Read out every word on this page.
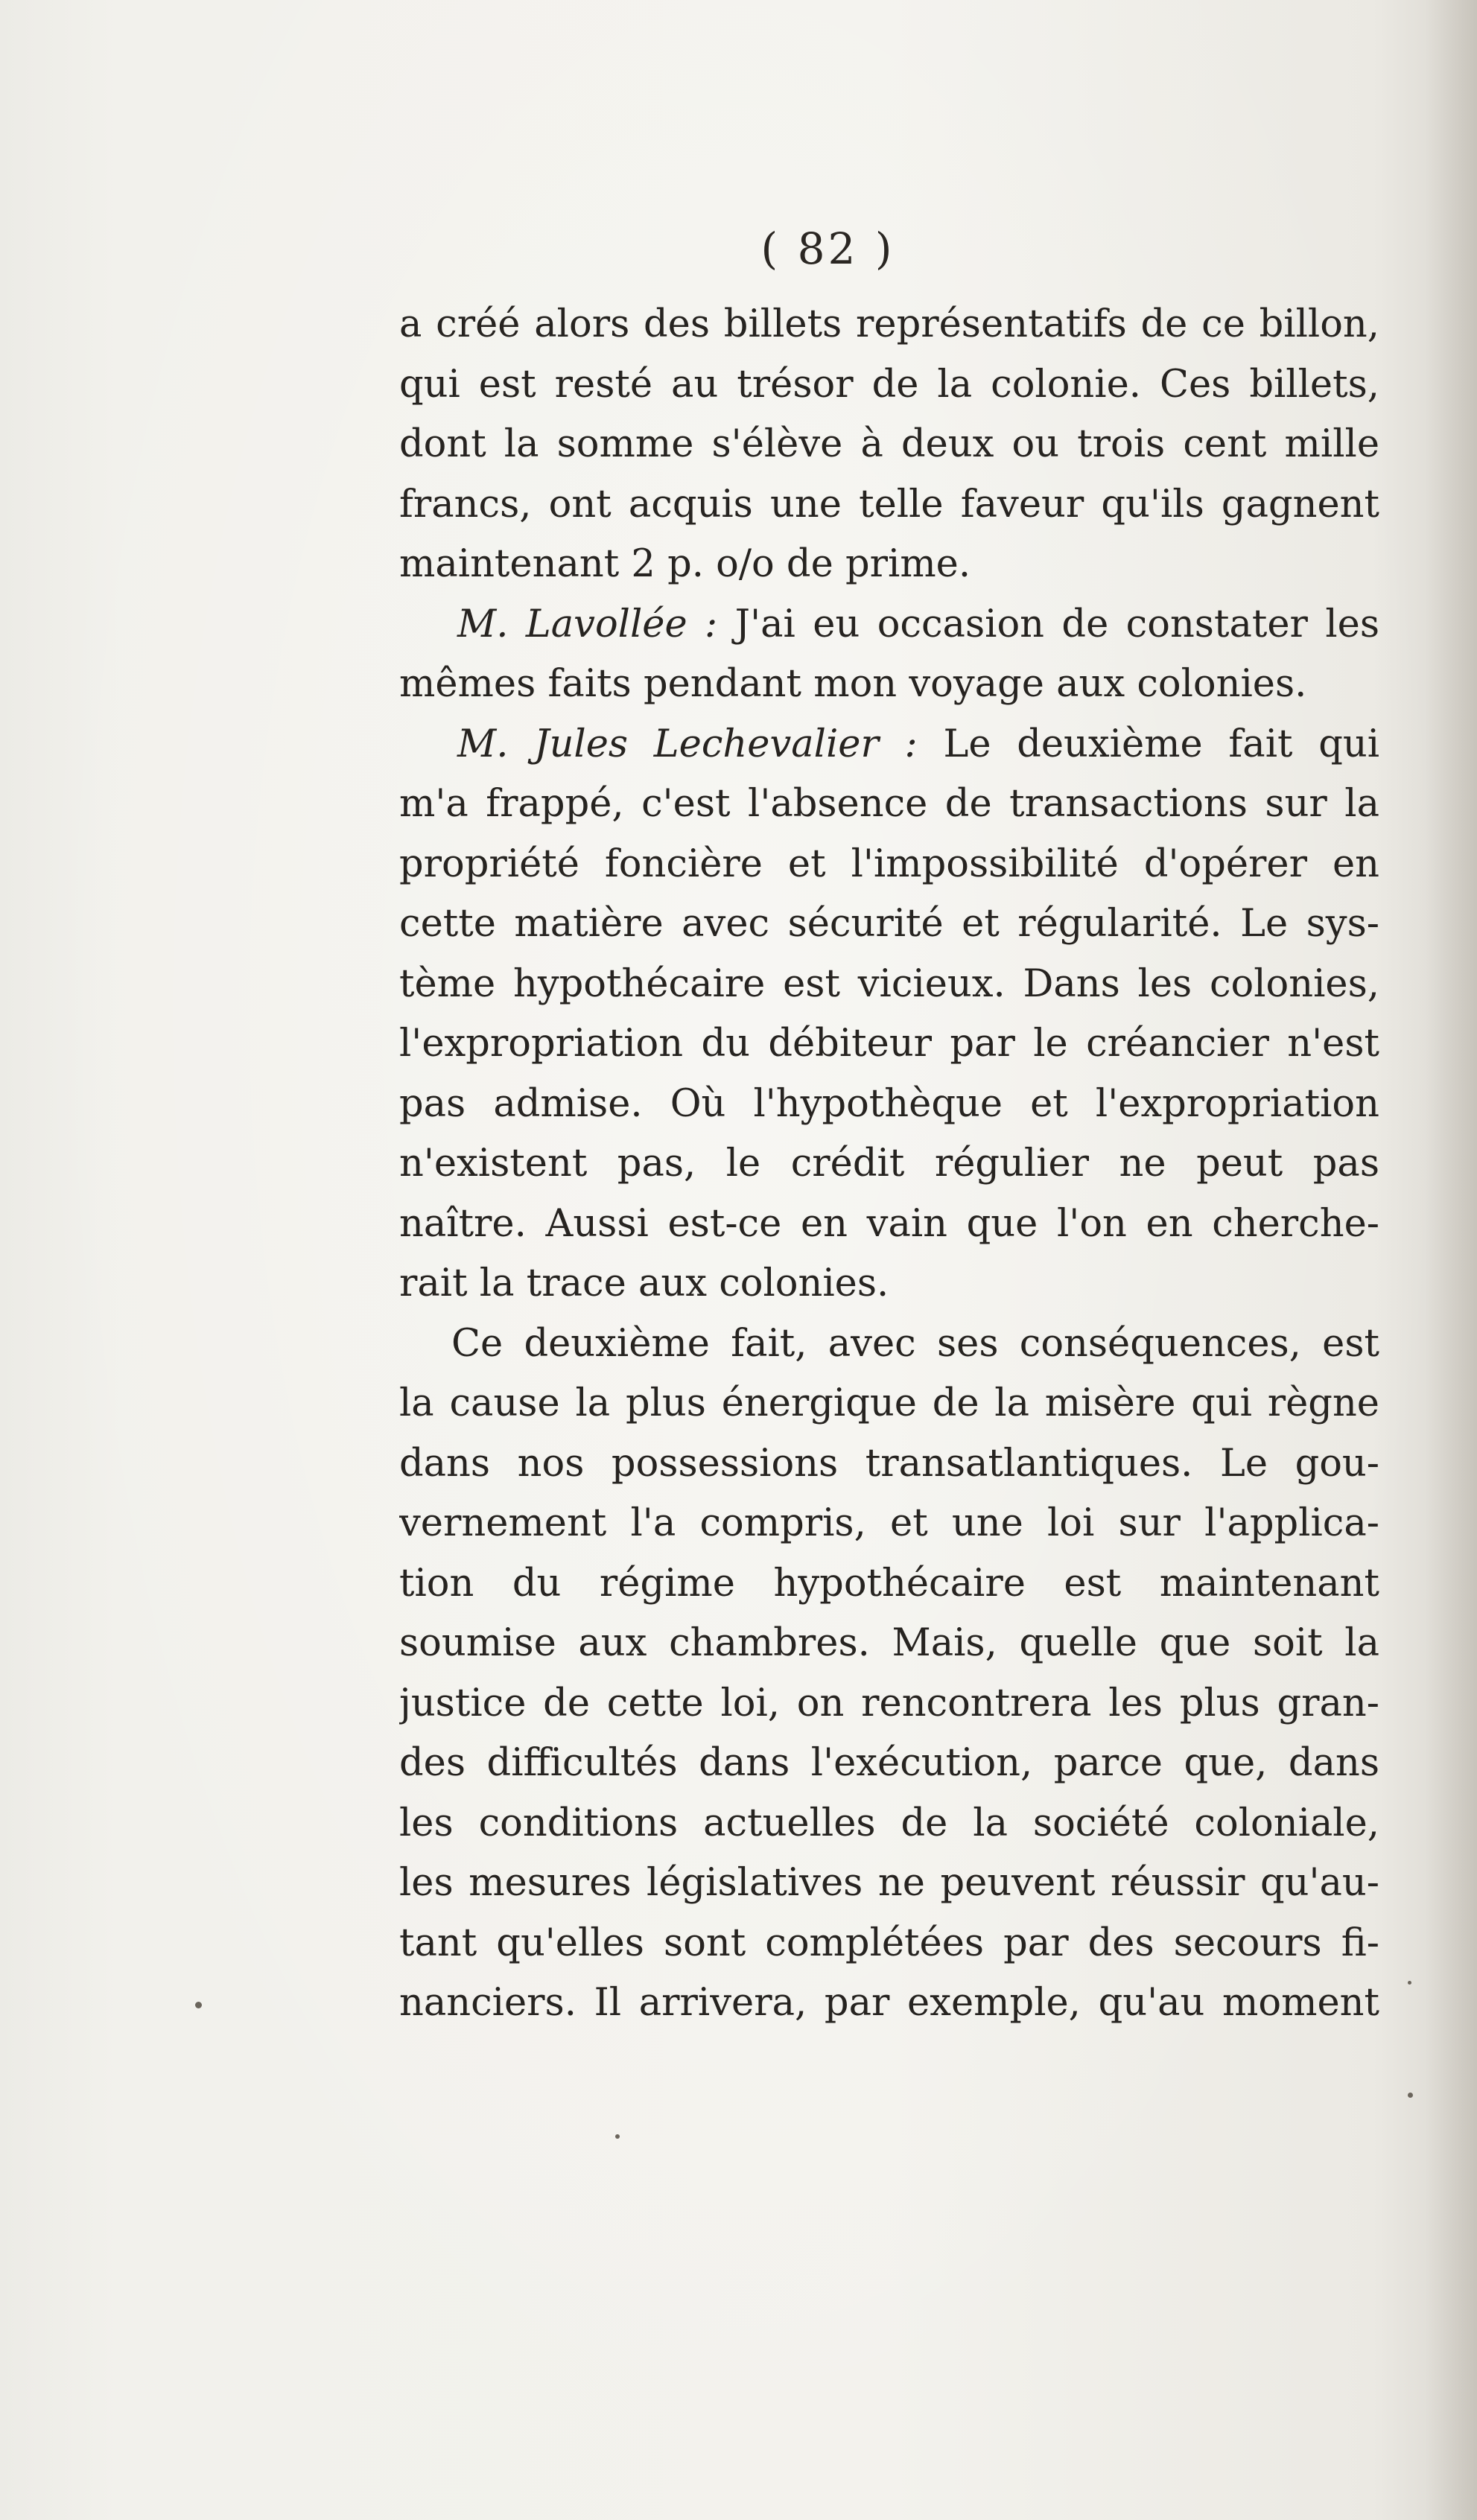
( 82 )
a créé alors des billets représentatifs de ce billon,
qui est resté au trésor de la colonie. Ces billets,
dont la somme s'élève à deux ou trois cent mille
francs, ont acquis une telle faveur qu'ils gagnent
maintenant 2 p. o/o de prime.
M. Lavollée : J'ai eu occasion de constater les
mêmes faits pendant mon voyage aux colonies.
M. Jules Lechevalier : Le deuxième fait qui
m'a frappé, c'est l'absence de transactions sur la
propriété foncière et l'impossibilité d'opérer en
cette matière avec sécurité et régularité. Le sys-
tème hypothécaire est vicieux. Dans les colonies,
l'expropriation du débiteur par le créancier n'est
pas admise. Où l'hypothèque et l'expropriation
n'existent pas, le crédit régulier ne peut pas
naître. Aussi est-ce en vain que l'on en cherche-
rait la trace aux colonies.
Ce deuxième fait, avec ses conséquences, est
la cause la plus énergique de la misère qui règne
dans nos possessions transatlantiques. Le gou-
vernement l'a compris, et une loi sur l'applica-
tion du régime hypothécaire est maintenant
soumise aux chambres. Mais, quelle que soit la
justice de cette loi, on rencontrera les plus gran-
des difficultés dans l'exécution, parce que, dans
les conditions actuelles de la société coloniale,
les mesures législatives ne peuvent réussir qu'au-
tant qu'elles sont complétées par des secours fi-
nanciers. Il arrivera, par exemple, qu'au moment
